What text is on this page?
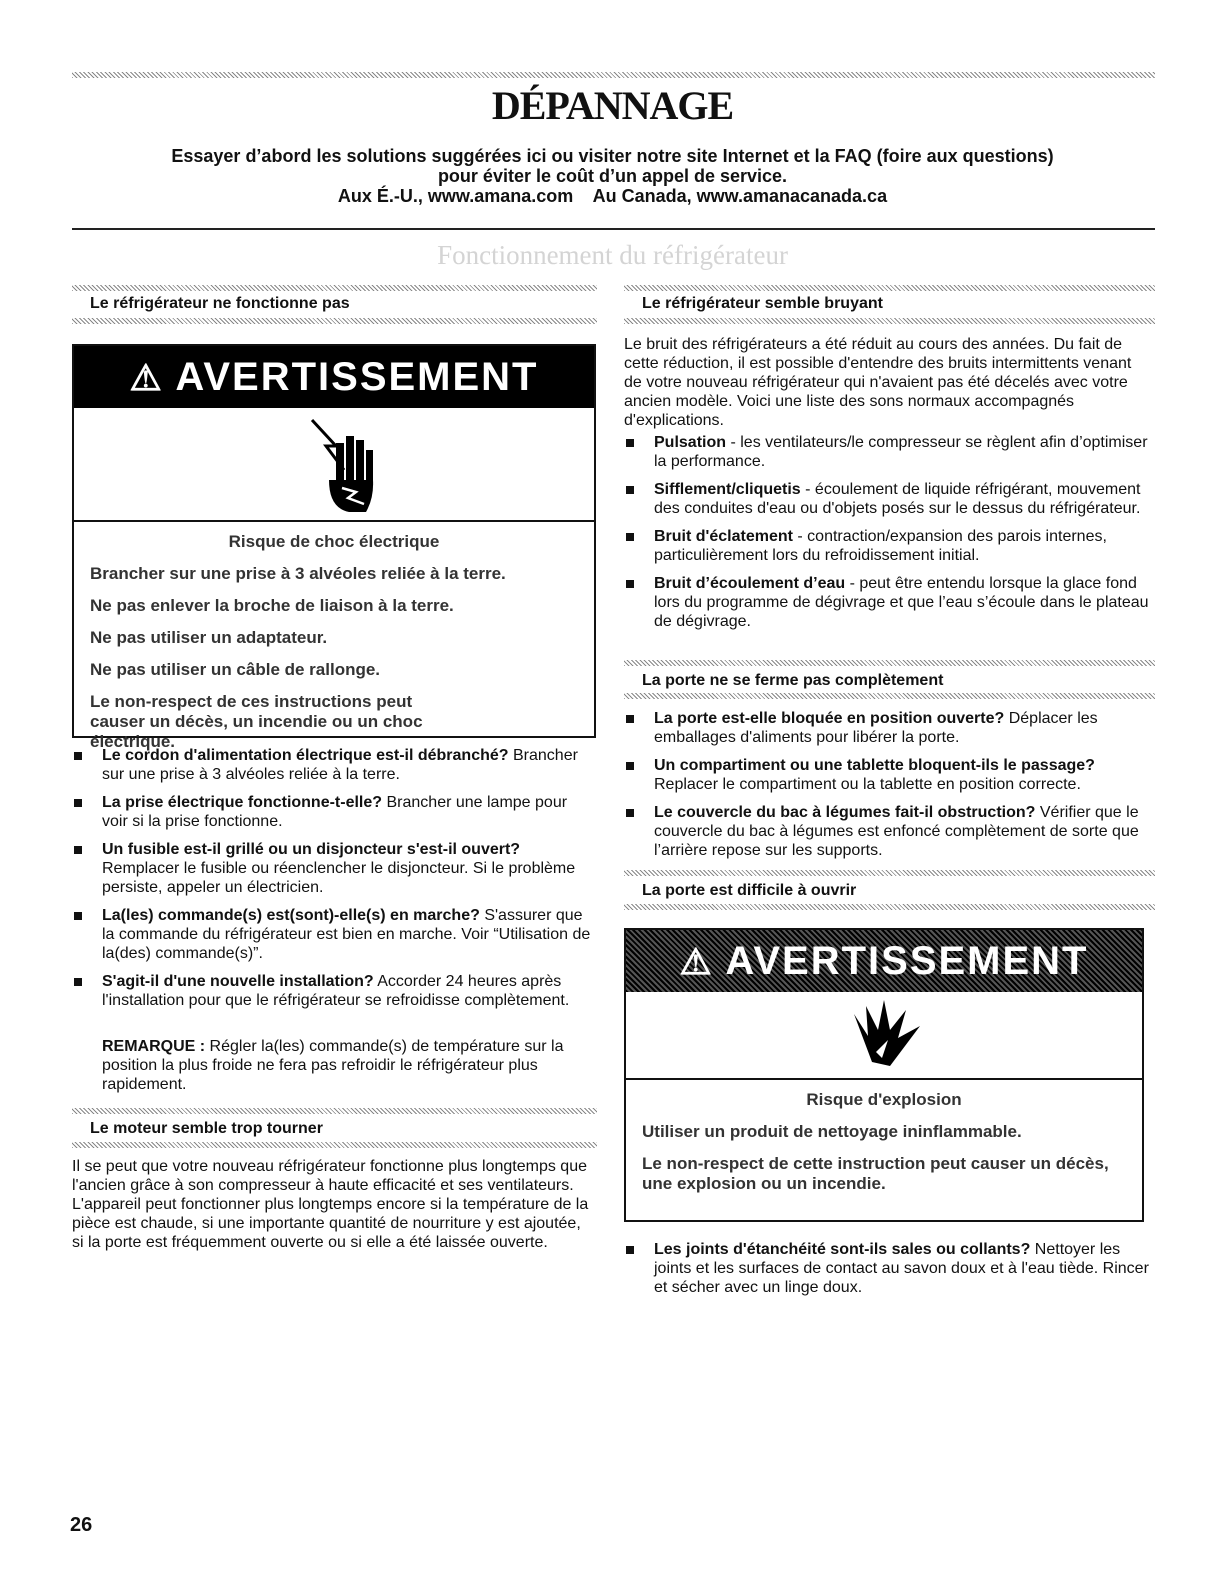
DÉPANNAGE
Essayer d’abord les solutions suggérées ici ou visiter notre site Internet et la FAQ (foire aux questions)
pour éviter le coût d’un appel de service.
Aux É.-U., www.amana.com    Au Canada, www.amanacanada.ca
Fonctionnement du réfrigérateur
Le réfrigérateur ne fonctionne pas
⚠ AVERTISSEMENT
Risque de choc électrique
Brancher sur une prise à 3 alvéoles reliée à la terre.
Ne pas enlever la broche de liaison à la terre.
Ne pas utiliser un adaptateur.
Ne pas utiliser un câble de rallonge.
Le non-respect de ces instructions peut causer un décès, un incendie ou un choc électrique.
Le cordon d'alimentation électrique est-il débranché? Brancher sur une prise à 3 alvéoles reliée à la terre.
La prise électrique fonctionne-t-elle? Brancher une lampe pour voir si la prise fonctionne.
Un fusible est-il grillé ou un disjoncteur s'est-il ouvert? Remplacer le fusible ou réenclencher le disjoncteur. Si le problème persiste, appeler un électricien.
La(les) commande(s) est(sont)-elle(s) en marche? S'assurer que la commande du réfrigérateur est bien en marche. Voir “Utilisation de la(des) commande(s)”.
S'agit-il d'une nouvelle installation? Accorder 24 heures après l'installation pour que le réfrigérateur se refroidisse complètement.
REMARQUE : Régler la(les) commande(s) de température sur la position la plus froide ne fera pas refroidir le réfrigérateur plus rapidement.
Le moteur semble trop tourner
Il se peut que votre nouveau réfrigérateur fonctionne plus longtemps que l'ancien grâce à son compresseur à haute efficacité et ses ventilateurs. L'appareil peut fonctionner plus longtemps encore si la température de la pièce est chaude, si une importante quantité de nourriture y est ajoutée, si la porte est fréquemment ouverte ou si elle a été laissée ouverte.
Le réfrigérateur semble bruyant
Le bruit des réfrigérateurs a été réduit au cours des années. Du fait de cette réduction, il est possible d'entendre des bruits intermittents venant de votre nouveau réfrigérateur qui n'avaient pas été décelés avec votre ancien modèle. Voici une liste des sons normaux accompagnés d'explications.
Pulsation - les ventilateurs/le compresseur se règlent afin d’optimiser la performance.
Sifflement/cliquetis - écoulement de liquide réfrigérant, mouvement des conduites d'eau ou d'objets posés sur le dessus du réfrigérateur.
Bruit d'éclatement - contraction/expansion des parois internes, particulièrement lors du refroidissement initial.
Bruit d’écoulement d’eau - peut être entendu lorsque la glace fond lors du programme de dégivrage et que l’eau s’écoule dans le plateau de dégivrage.
La porte ne se ferme pas complètement
La porte est-elle bloquée en position ouverte? Déplacer les emballages d'aliments pour libérer la porte.
Un compartiment ou une tablette bloquent-ils le passage? Replacer le compartiment ou la tablette en position correcte.
Le couvercle du bac à légumes fait-il obstruction? Vérifier que le couvercle du bac à légumes est enfoncé complètement de sorte que l’arrière repose sur les supports.
La porte est difficile à ouvrir
⚠ AVERTISSEMENT
Risque d'explosion
Utiliser un produit de nettoyage ininflammable.
Le non-respect de cette instruction peut causer un décès, une explosion ou un incendie.
Les joints d'étanchéité sont-ils sales ou collants? Nettoyer les joints et les surfaces de contact au savon doux et à l'eau tiède. Rincer et sécher avec un linge doux.
26
